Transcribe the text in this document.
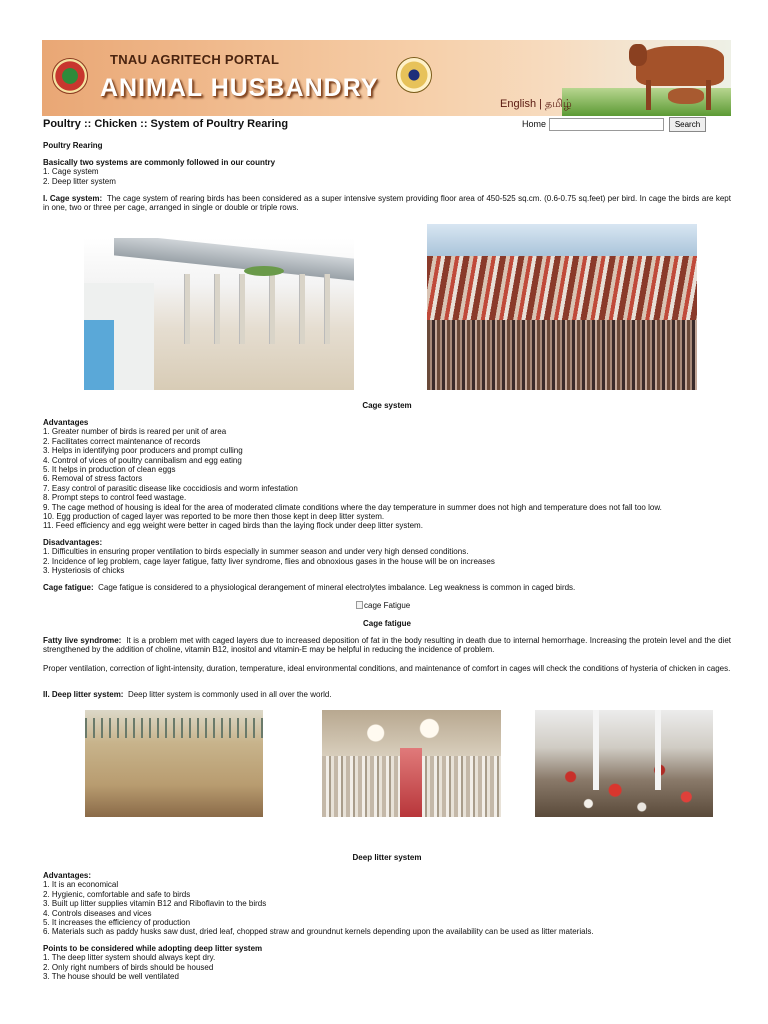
TNAU AGRITECH PORTAL
ANIMAL HUSBANDRY
English | தமிழ்
Poultry :: Chicken :: System of Poultry Rearing	Home	Search
Poultry Rearing
Basically two systems are commonly followed in our country
1. Cage system
2. Deep litter system
I. Cage system: The cage system of rearing birds has been considered as a super intensive system providing floor area of 450-525 sq.cm. (0.6-0.75 sq.feet) per bird. In cage the birds are kept in one, two or three per cage, arranged in single or double or triple rows.
Cage system
Advantages
1. Greater number of birds is reared per unit of area
2. Facilitates correct maintenance of records
3. Helps in identifying poor producers and prompt culling
4. Control of vices of poultry cannibalism and egg eating
5. It helps in production of clean eggs
6. Removal of stress factors
7. Easy control of parasitic disease like coccidiosis and worm infestation
8. Prompt steps to control feed wastage.
9. The cage method of housing is ideal for the area of moderated climate conditions where the day temperature in summer does not high and temperature does not fall too low.
10. Egg production of caged layer was reported to be more then those kept in deep litter system.
11. Feed efficiency and egg weight were better in caged birds than the laying flock under deep litter system.
Disadvantages:
1. Difficulties in ensuring proper ventilation to birds especially in summer season and under very high densed conditions.
2. Incidence of leg problem, cage layer fatigue, fatty liver syndrome, flies and obnoxious gases in the house will be on increases
3. Hysteriosis of chicks
Cage fatigue: Cage fatigue is considered to a physiological derangement of mineral electrolytes imbalance. Leg weakness is common in caged birds.
cage Fatigue
Cage fatigue
Fatty live syndrome: It is a problem met with caged layers due to increased deposition of fat in the body resulting in death due to internal hemorrhage. Increasing the protein level and the diet strengthened by the addition of choline, vitamin B12, inositol and vitamin-E may be helpful in reducing the incidence of problem.
Proper ventilation, correction of light-intensity, duration, temperature, ideal environmental conditions, and maintenance of comfort in cages will check the conditions of hysteria of chicken in cages.
II. Deep litter system: Deep litter system is commonly used in all over the world.
Deep litter system
Advantages:
1. It is an economical
2. Hygienic, comfortable and safe to birds
3. Built up litter supplies vitamin B12 and Riboflavin to the birds
4. Controls diseases and vices
5. It increases the efficiency of production
6. Materials such as paddy husks saw dust, dried leaf, chopped straw and groundnut kernels depending upon the availability can be used as litter materials.
Points to be considered while adopting deep litter system
1. The deep litter system should always kept dry.
2. Only right numbers of birds should be housed
3. The house should be well ventilated
